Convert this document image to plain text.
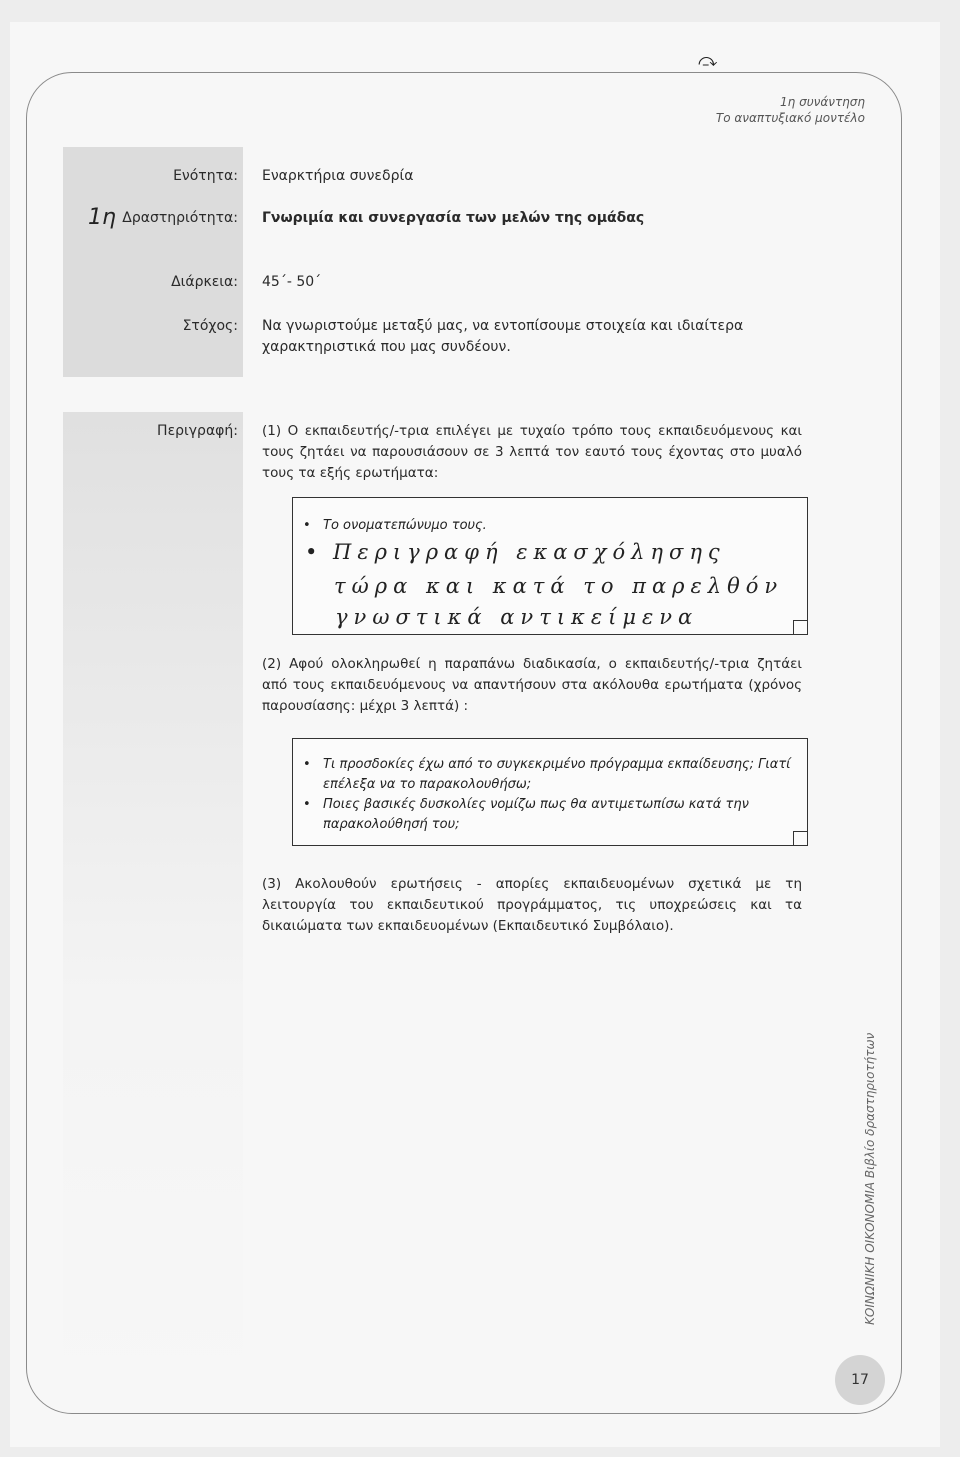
⤼
1η συνάντηση
Το αναπτυξιακό μοντέλο
Ενότητα: Εναρκτήρια συνεδρία
1η Δραστηριότητα: Γνωριμία και συνεργασία των μελών της ομάδας
Διάρκεια: 45΄- 50΄
Στόχος: Να γνωριστούμε μεταξύ μας, να εντοπίσουμε στοιχεία και ιδιαίτερα χαρακτηριστικά που μας συνδέουν.
Περιγραφή: (1) Ο εκπαιδευτής/-τρια επιλέγει με τυχαίο τρόπο τους εκπαιδευόμενους και τους ζητάει να παρουσιάσουν σε 3 λεπτά τον εαυτό τους έχοντας στο μυαλό τους τα εξής ερωτήματα:
• Το ονοματεπώνυμο τους.
• Περιγραφή εκασχόλησης
τώρα και κατά το παρελθόν
γνωστικά αντικείμενα
(2) Αφού ολοκληρωθεί η παραπάνω διαδικασία, ο εκπαιδευτής/-τρια ζητάει από τους εκπαιδευόμενους να απαντήσουν στα ακόλουθα ερωτήματα (χρόνος παρουσίασης: μέχρι 3 λεπτά) :
• Τι προσδοκίες έχω από το συγκεκριμένο πρόγραμμα εκπαίδευσης; Γιατί επέλεξα να το παρακολουθήσω;
• Ποιες βασικές δυσκολίες νομίζω πως θα αντιμετωπίσω κατά την παρακολούθησή του;
(3) Ακολουθούν ερωτήσεις - απορίες εκπαιδευομένων σχετικά με τη λειτουργία του εκπαιδευτικού προγράμματος, τις υποχρεώσεις και τα δικαιώματα των εκπαιδευομένων (Εκπαιδευτικό Συμβόλαιο).
ΚΟΙΝΩΝΙΚΗ ΟΙΚΟΝΟΜΙΑ Βιβλίο δραστηριοτήτων
17
